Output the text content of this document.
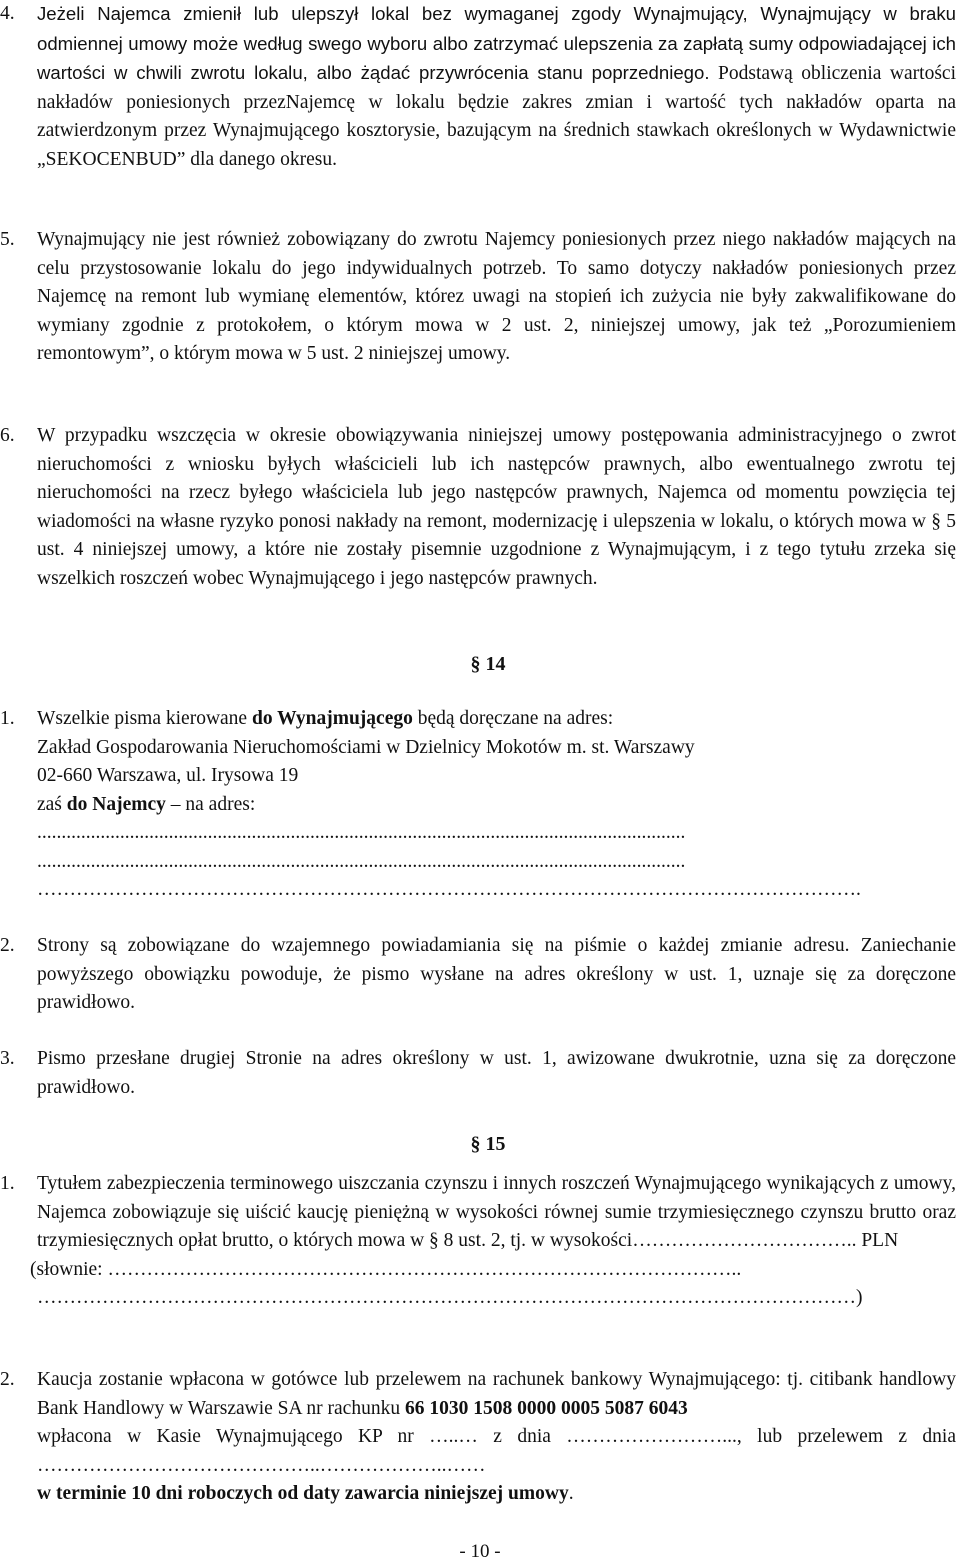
4. Jeżeli Najemca zmienił lub ulepszył lokal bez wymaganej zgody Wynajmujący, Wynajmujący w braku odmiennej umowy może według swego wyboru albo zatrzymać ulepszenia za zapłatą sumy odpowiadającej ich wartości w chwili zwrotu lokalu, albo żądać przywrócenia stanu poprzedniego. Podstawą obliczenia wartości nakładów poniesionych przezNajemcę w lokalu będzie zakres zmian i wartość tych nakładów oparta na zatwierdzonym przez Wynajmującego kosztorysie, bazującym na średnich stawkach określonych w Wydawnictwie „SEKOCENBUD” dla danego okresu.
5. Wynajmujący nie jest również zobowiązany do zwrotu Najemcy poniesionych przez niego nakładów mających na celu przystosowanie lokalu do jego indywidualnych potrzeb. To samo dotyczy nakładów poniesionych przez Najemcę na remont lub wymianę elementów, którez uwagi na stopień ich zużycia nie były zakwalifikowane do wymiany zgodnie z protokołem, o którym mowa w 2 ust. 2, niniejszej umowy, jak też „Porozumieniem remontowym”, o którym mowa w 5 ust. 2 niniejszej umowy.
6. W przypadku wszczęcia w okresie obowiązywania niniejszej umowy postępowania administracyjnego o zwrot nieruchomości z wniosku byłych właścicieli lub ich następców prawnych, albo ewentualnego zwrotu tej nieruchomości na rzecz byłego właściciela lub jego następców prawnych, Najemca od momentu powzięcia tej wiadomości na własne ryzyko ponosi nakłady na remont, modernizację i ulepszenia w lokalu, o których mowa w § 5 ust. 4 niniejszej umowy, a które nie zostały pisemnie uzgodnione z Wynajmującym, i z tego tytułu zrzeka się wszelkich roszczeń wobec Wynajmującego i jego następców prawnych.
§ 14
1. Wszelkie pisma kierowane do Wynajmującego będą doręczane na adres:
Zakład Gospodarowania Nieruchomościami w Dzielnicy Mokotów m. st. Warszawy
02-660 Warszawa, ul. Irysowa 19
zaś do Najemcy – na adres:
.....................................................................................................................................
.....................................................................................................................................
……………………………………………………………………………………………………………….
2. Strony są zobowiązane do wzajemnego powiadamiania się na piśmie o każdej zmianie adresu. Zaniechanie powyższego obowiązku powoduje, że pismo wysłane na adres określony w ust. 1, uznaje się za doręczone prawidłowo.
3. Pismo przesłane drugiej Stronie na adres określony w ust. 1, awizowane dwukrotnie, uzna się za doręczone prawidłowo.
§ 15
1. Tytułem zabezpieczenia terminowego uiszczania czynszu i innych roszczeń Wynajmującego wynikających z umowy, Najemca zobowiązuje się uiścić kaucję pieniężną w wysokości równej sumie trzymiesięcznego czynszu brutto oraz trzymiesięcznych opłat brutto, o których mowa w § 8 ust. 2, tj. w wysokości…………………………….. PLN
(słownie: ……………………………………………………………………………………..
………………………………………………………………………………………………………………)
2. Kaucja zostanie wpłacona w gotówce lub przelewem na rachunek bankowy Wynajmującego: tj. citibank handlowy Bank Handlowy w Warszawie SA nr rachunku 66 1030 1508 0000 0005 5087 6043
wpłacona w Kasie Wynajmującego KP nr …..… z dnia ……………………..., lub przelewem z dnia ……………………………………..………………..……
w terminie 10 dni roboczych od daty zawarcia niniejszej umowy.
- 10 -
